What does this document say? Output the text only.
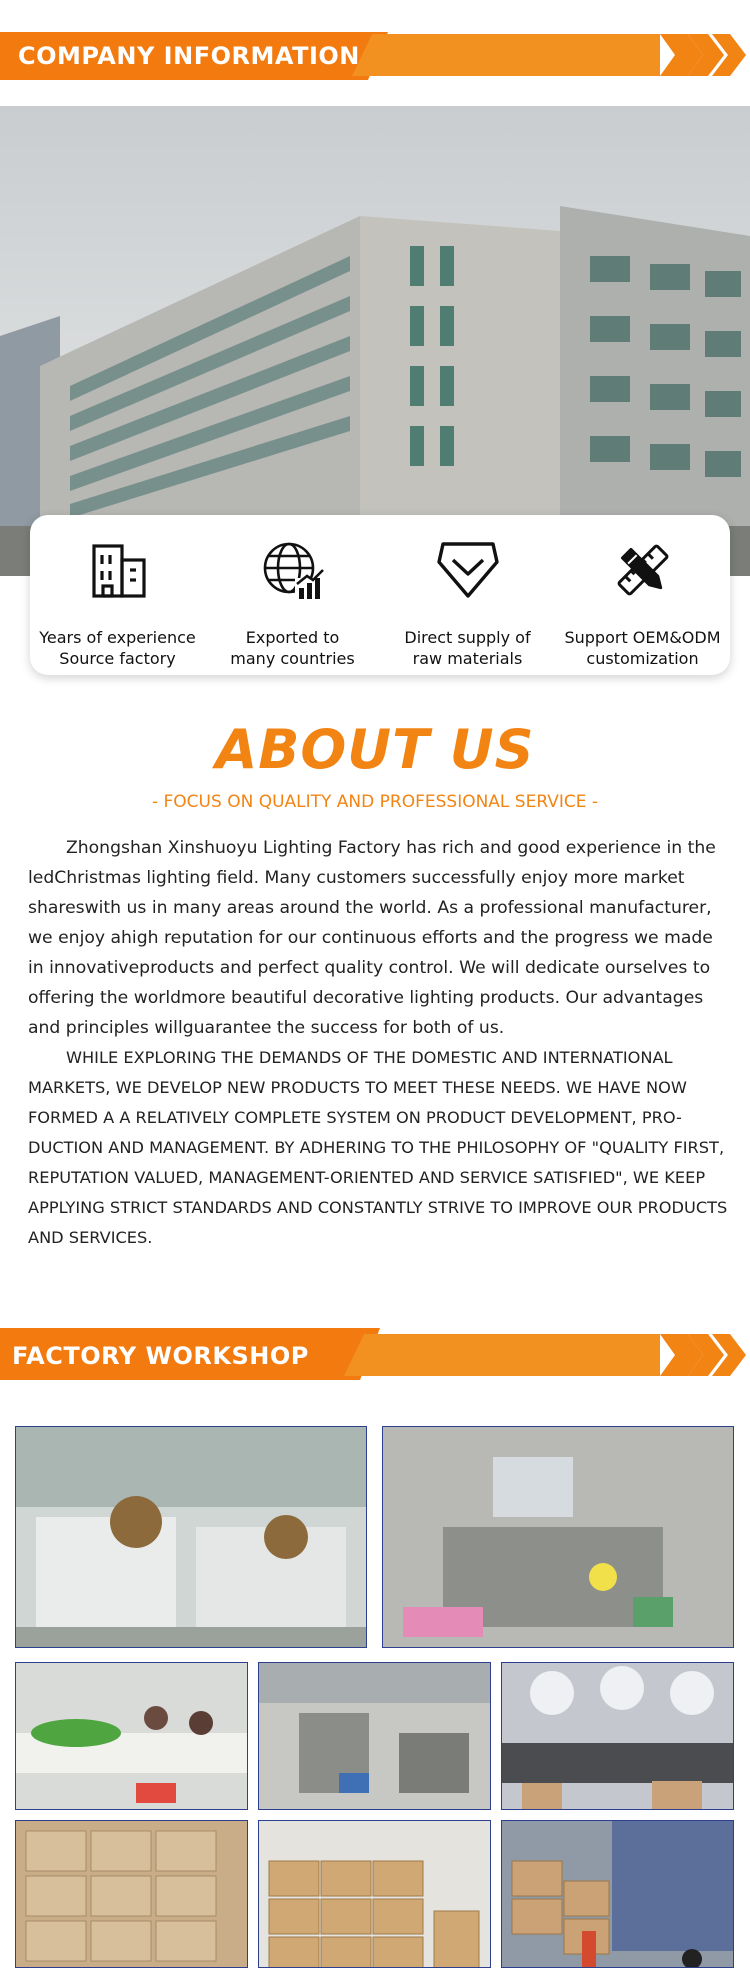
COMPANY INFORMATION
Years of experience
Source factory
Exported to
many countries
Direct supply of
raw materials
Support OEM&ODM
customization
ABOUT US
- FOCUS ON QUALITY AND PROFESSIONAL SERVICE -

Zhongshan Xinshuoyu Lighting Factory has rich and good experience in the ledChristmas lighting field. Many customers successfully enjoy more market shareswith us in many areas around the world. As a professional manufacturer, we enjoy ahigh reputation for our continuous efforts and the progress we made in innovativeproducts and perfect quality control. We will dedicate ourselves to offering the worldmore beautiful decorative lighting products. Our advantages and principles willguarantee the success for both of us.

WHILE EXPLORING THE DEMANDS OF THE DOMESTIC AND INTERNATIONAL MARKETS, WE DEVELOP NEW PRODUCTS TO MEET THESE NEEDS. WE HAVE NOW FORMED A A RELATIVELY COMPLETE SYSTEM ON PRODUCT DEVELOPMENT, PRO-DUCTION AND MANAGEMENT. BY ADHERING TO THE PHILOSOPHY OF "QUALITY FIRST, REPUTATION VALUED, MANAGEMENT-ORIENTED AND SERVICE SATISFIED", WE KEEP APPLYING STRICT STANDARDS AND CONSTANTLY STRIVE TO IMPROVE OUR PRODUCTS AND SERVICES.

FACTORY WORKSHOP
